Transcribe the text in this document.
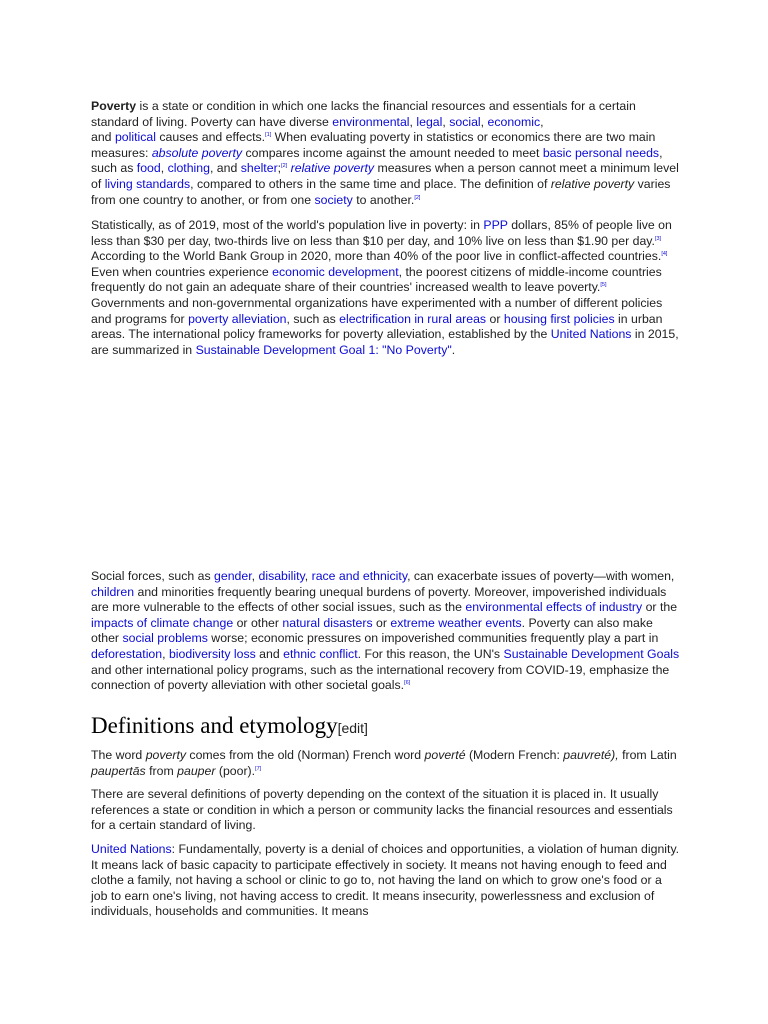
Poverty is a state or condition in which one lacks the financial resources and essentials for a certain standard of living. Poverty can have diverse environmental, legal, social, economic,
and political causes and effects.[1] When evaluating poverty in statistics or economics there are two main measures: absolute poverty compares income against the amount needed to meet basic personal needs, such as food, clothing, and shelter;[2] relative poverty measures when a person cannot meet a minimum level of living standards, compared to others in the same time and place. The definition of relative poverty varies from one country to another, or from one society to another.[2]

Statistically, as of 2019, most of the world's population live in poverty: in PPP dollars, 85% of people live on less than $30 per day, two-thirds live on less than $10 per day, and 10% live on less than $1.90 per day.[3] According to the World Bank Group in 2020, more than 40% of the poor live in conflict-affected countries.[4] Even when countries experience economic development, the poorest citizens of middle-income countries frequently do not gain an adequate share of their countries' increased wealth to leave poverty.[5] Governments and non-governmental organizations have experimented with a number of different policies and programs for poverty alleviation, such as electrification in rural areas or housing first policies in urban areas. The international policy frameworks for poverty alleviation, established by the United Nations in 2015, are summarized in Sustainable Development Goal 1: "No Poverty".

Social forces, such as gender, disability, race and ethnicity, can exacerbate issues of poverty—with women, children and minorities frequently bearing unequal burdens of poverty. Moreover, impoverished individuals are more vulnerable to the effects of other social issues, such as the environmental effects of industry or the impacts of climate change or other natural disasters or extreme weather events. Poverty can also make other social problems worse; economic pressures on impoverished communities frequently play a part in deforestation, biodiversity loss and ethnic conflict. For this reason, the UN's Sustainable Development Goals and other international policy programs, such as the international recovery from COVID-19, emphasize the connection of poverty alleviation with other societal goals.[6]

Definitions and etymology[edit]

The word poverty comes from the old (Norman) French word poverté (Modern French: pauvreté), from Latin paupertās from pauper (poor).[7]

There are several definitions of poverty depending on the context of the situation it is placed in. It usually references a state or condition in which a person or community lacks the financial resources and essentials for a certain standard of living.

United Nations: Fundamentally, poverty is a denial of choices and opportunities, a violation of human dignity. It means lack of basic capacity to participate effectively in society. It means not having enough to feed and clothe a family, not having a school or clinic to go to, not having the land on which to grow one's food or a job to earn one's living, not having access to credit. It means insecurity, powerlessness and exclusion of individuals, households and communities. It means
